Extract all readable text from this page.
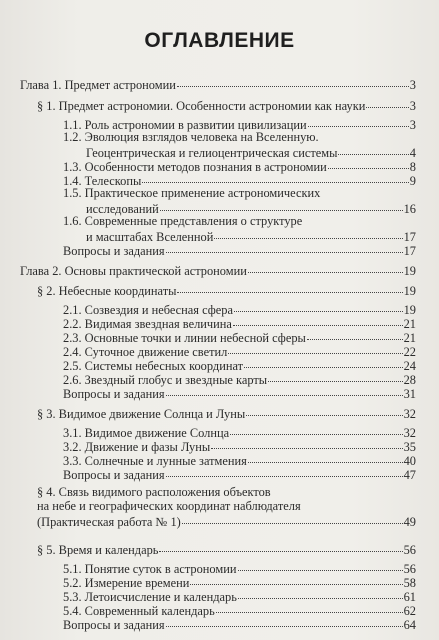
ОГЛАВЛЕНИЕ
Глава 1. Предмет астрономии	3
§ 1. Предмет астрономии. Особенности астрономии как науки	3
1.1. Роль астрономии в развитии цивилизации	3
1.2. Эволюция взглядов человека на Вселенную.
Геоцентрическая и гелиоцентрическая системы	4
1.3. Особенности методов познания в астрономии	8
1.4. Телескопы	9
1.5. Практическое применение астрономических
исследований	16
1.6. Современные представления о структуре
и масштабах Вселенной	17
Вопросы и задания	17
Глава 2. Основы практической астрономии	19
§ 2. Небесные координаты	19
2.1. Созвездия и небесная сфера	19
2.2. Видимая звездная величина	21
2.3. Основные точки и линии небесной сферы	21
2.4. Суточное движение светил	22
2.5. Системы небесных координат	24
2.6. Звездный глобус и звездные карты	28
Вопросы и задания	31
§ 3. Видимое движение Солнца и Луны	32
3.1. Видимое движение Солнца	32
3.2. Движение и фазы Луны	35
3.3. Солнечные и лунные затмения	40
Вопросы и задания	47
§ 4. Связь видимого расположения объектов
на небе и географических координат наблюдателя
(Практическая работа № 1)	49
§ 5. Время и календарь	56
5.1. Понятие суток в астрономии	56
5.2. Измерение времени	58
5.3. Летоисчисление и календарь	61
5.4. Современный календарь	62
Вопросы и задания	64
